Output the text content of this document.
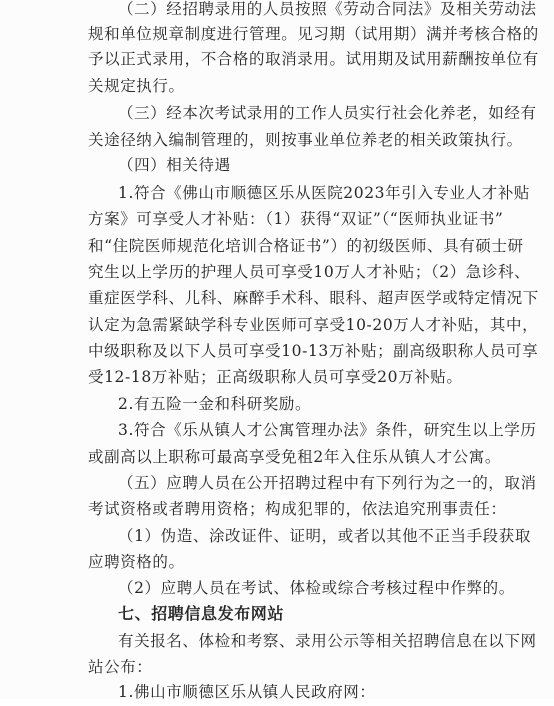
（二）经招聘录用的人员按照《劳动合同法》及相关劳动法
规和单位规章制度进行管理。见习期（试用期）满并考核合格的
予以正式录用，不合格的取消录用。试用期及试用薪酬按单位有
关规定执行。
（三）经本次考试录用的工作人员实行社会化养老，如经有
关途径纳入编制管理的，则按事业单位养老的相关政策执行。
（四）相关待遇
1.符合《佛山市顺德区乐从医院2023年引入专业人才补贴
方案》可享受人才补贴：（1）获得“双证”（“医师执业证书”
和“住院医师规范化培训合格证书”）的初级医师、具有硕士研
究生以上学历的护理人员可享受10万人才补贴；（2）急诊科、
重症医学科、儿科、麻醉手术科、眼科、超声医学或特定情况下
认定为急需紧缺学科专业医师可享受10-20万人才补贴，其中，
中级职称及以下人员可享受10-13万补贴；副高级职称人员可享
受12-18万补贴；正高级职称人员可享受20万补贴。
2.有五险一金和科研奖励。
3.符合《乐从镇人才公寓管理办法》条件，研究生以上学历
或副高以上职称可最高享受免租2年入住乐从镇人才公寓。
（五）应聘人员在公开招聘过程中有下列行为之一的，取消
考试资格或者聘用资格；构成犯罪的，依法追究刑事责任：
（1）伪造、涂改证件、证明，或者以其他不正当手段获取
应聘资格的。
（2）应聘人员在考试、体检或综合考核过程中作弊的。
七、招聘信息发布网站
有关报名、体检和考察、录用公示等相关招聘信息在以下网
站公布：
1.佛山市顺德区乐从镇人民政府网：
